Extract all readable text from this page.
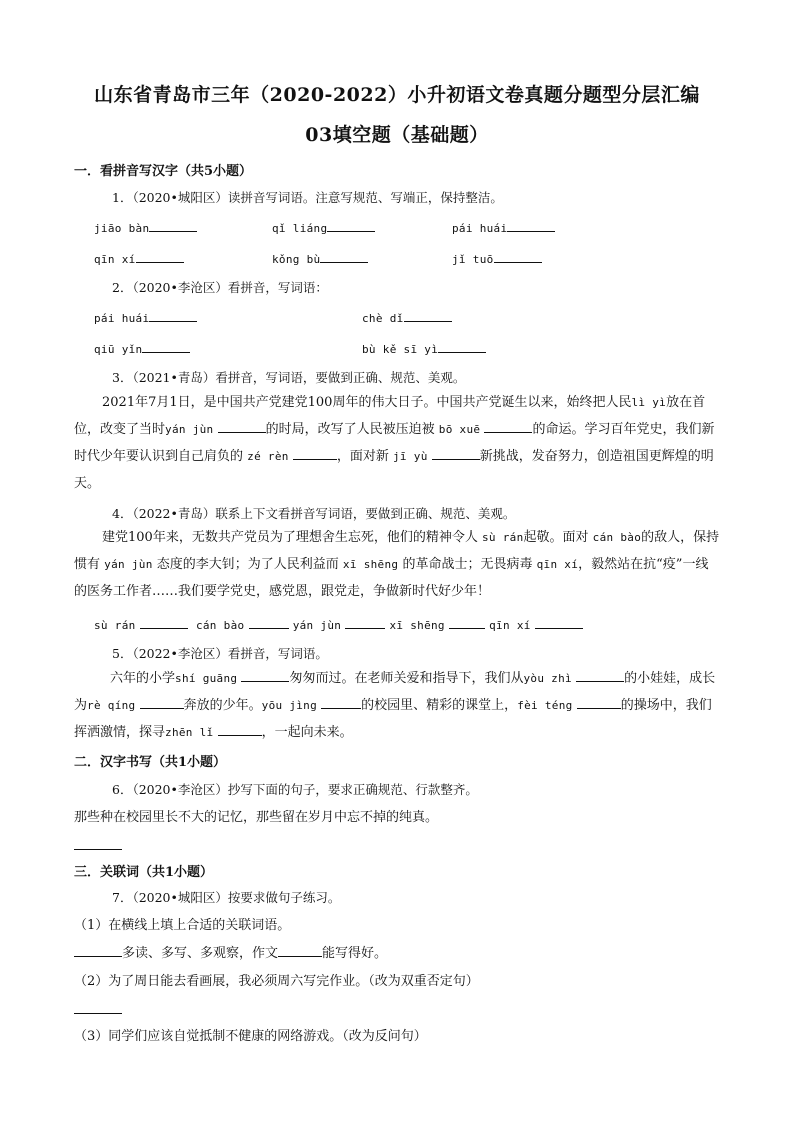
山东省青岛市三年（2020-2022）小升初语文卷真题分题型分层汇编
03填空题（基础题）
一．看拼音写汉字（共5小题）
1．（2020•城阳区）读拼音写词语。注意写规范、写端正，保持整洁。
jiāo bàn	qǐ liáng	pái huái
qīn xí	kǒng bù	jǐ tuō
2．（2020•李沧区）看拼音，写词语：
pái huái	chè dǐ
qiū yǐn	bù kě sī yì
3．（2021•青岛）看拼音，写词语，要做到正确、规范、美观。
2021年7月1日，是中国共产党建党100周年的伟大日子。中国共产党诞生以来，始终把人民lì yì放在首位，改变了当时yán jùn	的时局，改写了人民被压迫被 bō xuē	的命运。学习百年党史，我们新时代少年要认识到自己肩负的 zé rèn	，面对新 jī yù	新挑战，发奋努力，创造祖国更辉煌的明天。
4．（2022•青岛）联系上下文看拼音写词语，要做到正确、规范、美观。
建党100年来，无数共产党员为了理想舍生忘死，他们的精神令人 sù rán起敬。面对 cán bào的敌人，保持惯有 yán jùn 态度的李大钊；为了人民利益而 xī shēng 的革命战士；无畏病毒 qīn xí，毅然站在抗“疫”一线的医务工作者……我们要学党史，感党恩，跟党走，争做新时代好少年！
sù rán	cán bào	yán jùn	xī shēng	qīn xí
5．（2022•李沧区）看拼音，写词语。
六年的小学shí guāng	匆匆而过。在老师关爱和指导下，我们从yòu zhì	的小娃娃，成长为rè qíng	奔放的少年。yōu jìng	的校园里、精彩的课堂上，fèi téng	的操场中，我们挥洒激情，探寻zhēn lǐ	，一起向未来。
二．汉字书写（共1小题）
6．（2020•李沧区）抄写下面的句子，要求正确规范、行款整齐。
那些种在校园里长不大的记忆，那些留在岁月中忘不掉的纯真。
三．关联词（共1小题）
7．（2020•城阳区）按要求做句子练习。
（1）在横线上填上合适的关联词语。
多读、多写、多观察，作文	能写得好。
（2）为了周日能去看画展，我必须周六写完作业。（改为双重否定句）
（3）同学们应该自觉抵制不健康的网络游戏。（改为反问句）
